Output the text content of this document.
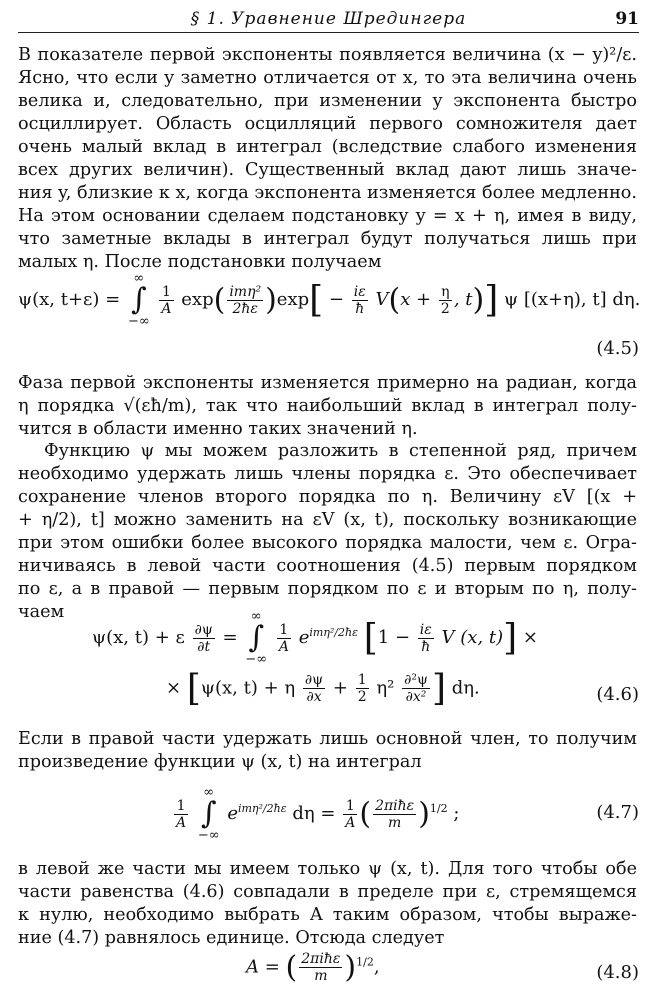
§ 1. Уравнение Шредингера	91
В показателе первой экспоненты появляется величина (x − y)²/ε.
Ясно, что если y заметно отличается от x, то эта величина очень
велика и, следовательно, при изменении y экспонента быстро
осциллирует. Область осцилляций первого сомножителя дает
очень малый вклад в интеграл (вследствие слабого изменения
всех других величин). Существенный вклад дают лишь значе-
ния y, близкие к x, когда экспонента изменяется более медленно.
На этом основании сделаем подстановку y = x + η, имея в виду,
что заметные вклады в интеграл будут получаться лишь при
малых η. После подстановки получаем
ψ(x, t+ε) = ∞
∫
−∞
$\frac{1}{A} \exp( \frac{\text{imη²}}{2ħ\varepsilon} )\exp[ - \frac{i\varepsilon}{ħ} V(x + \frac{\eta}{2}$ , t)] ψ [(x+η), t] dη.
(4.5)
Фаза первой экспоненты изменяется примерно на радиан, когда
η порядка √(εħ/m), так что наибольший вклад в интеграл полу-
чится в области именно таких значений η.
Функцию ψ мы можем разложить в степенной ряд, причем
необходимо удержать лишь члены порядка ε. Это обеспечивает
сохранение членов второго порядка по η. Величину εV [(x +
+ η/2), t] можно заменить на εV (x, t), поскольку возникающие
при этом ошибки более высокого порядка малости, чем ε. Огра-
ничиваясь в левой части соотношения (4.5) первым порядком
по ε, а в правой — первым порядком по ε и вторым по η, полу-
чаем
ψ(x, t) + ε $\frac{\partial\psi}{\partial t}$ = ∞
∫
−∞
$\frac{1}{A} e^{im\eta^2/2ħ\varepsilon}$ [$1 - \frac{i\varepsilon}{ħ}$ V (x, t)] ×
× [ψ(x, t) + η $\frac{\partial\psi}{\partial x} + \frac{1}{2} \eta^2 \frac{\text{∂²ψ}}{\text{∂x²}}$ ] dη.	(4.6)
Если в правой части удержать лишь основной член, то получим
произведение функции ψ (x, t) на интеграл
$\frac{1}{A}$
∞
∫
−∞ $e^{im\eta^2/2ħ\varepsilon}$ $d\eta = \frac{1}{A}$ ( $\frac{\text{2πiħε}}{m} )^{1/2}$ ;	(4.7)
в левой же части мы имеем только ψ (x, t). Для того чтобы обе
части равенства (4.6) совпадали в пределе при ε, стремящемся
к нулю, необходимо выбрать A таким образом, чтобы выраже-
ние (4.7) равнялось единице. Отсюда следует
A = ( $\frac{\text{2πiħε}}{m} )^{1/2}$,	(4.8)
